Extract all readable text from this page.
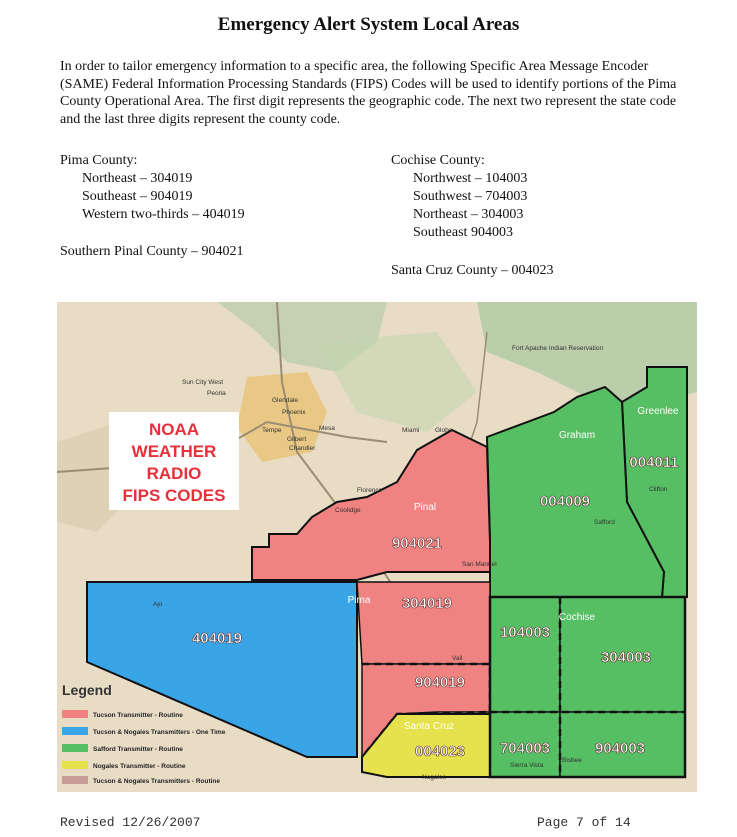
Emergency Alert System Local Areas
In order to tailor emergency information to a specific area, the following Specific Area Message Encoder (SAME) Federal Information Processing Standards (FIPS) Codes will be used to identify portions of the Pima County Operational Area. The first digit represents the geographic code. The next two represent the state code and the last three digits represent the county code.
Pima County:
Northeast – 304019
Southeast – 904019
Western two-thirds – 404019
Southern Pinal County – 904021
Cochise County:
Northwest – 104003
Southwest – 704003
Northeast – 304003
Southeast 904003
Santa Cruz County – 004023
NOAA
WEATHER
RADIO
FIPS CODES
904021
404019
304019
904019
004023
004009
004011
104003
304003
704003	904003
Pinal
Pima
Graham
Greenlee
Cochise
Santa Cruz
Phoenix
Globe
Miami
Safford
Clifton
Ajo
Vail
Nogales
Bisbee
Sierra Vista
Coolidge
Florence
San Manuel
Fort Apache Indian Reservation
Chandler
Gilbert
Mesa
Tempe
Glendale
Sun City West
Peoria
Legend
Tucson Transmitter - Routine
Tucson & Nogales Transmitters - One Time
Safford Transmitter - Routine
Nogales Transmitter - Routine
Tucson & Nogales Transmitters - Routine
Revised 12/26/2007	Page 7 of 14
